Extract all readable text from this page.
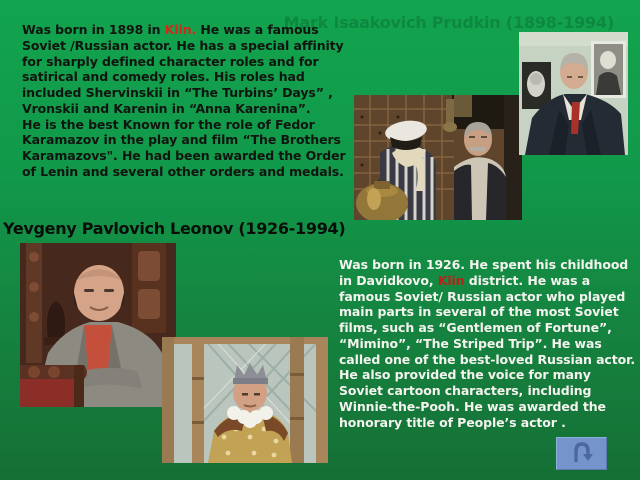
Mark Isaakovich Prudkin (1898-1994)
Was born in 1898 in Klin. He was a famous Soviet /Russian actor. He has a special affinity for sharply defined character roles and for satirical and comedy roles. His roles had included Shervinskii in “The Turbins’ Days” , Vronskii and Karenin in “Anna Karenina”.
He is the best Known for the role of Fedor Karamazov in the play and film “The Brothers Karamazovs". He had been awarded the Order of Lenin and several other orders and medals.
Yevgeny Pavlovich Leonov (1926-1994)
Was born in 1926. He spent his childhood in Davidkovo, Klin district. He was a famous Soviet/ Russian actor who played main parts in several of the most Soviet films, such as “Gentlemen of Fortune”, “Mimino”, “The Striped Trip”. He was called one of the best-loved Russian actor. He also provided the voice for many Soviet cartoon characters, including Winnie-the-Pooh. He was awarded the honorary title of People’s actor .
